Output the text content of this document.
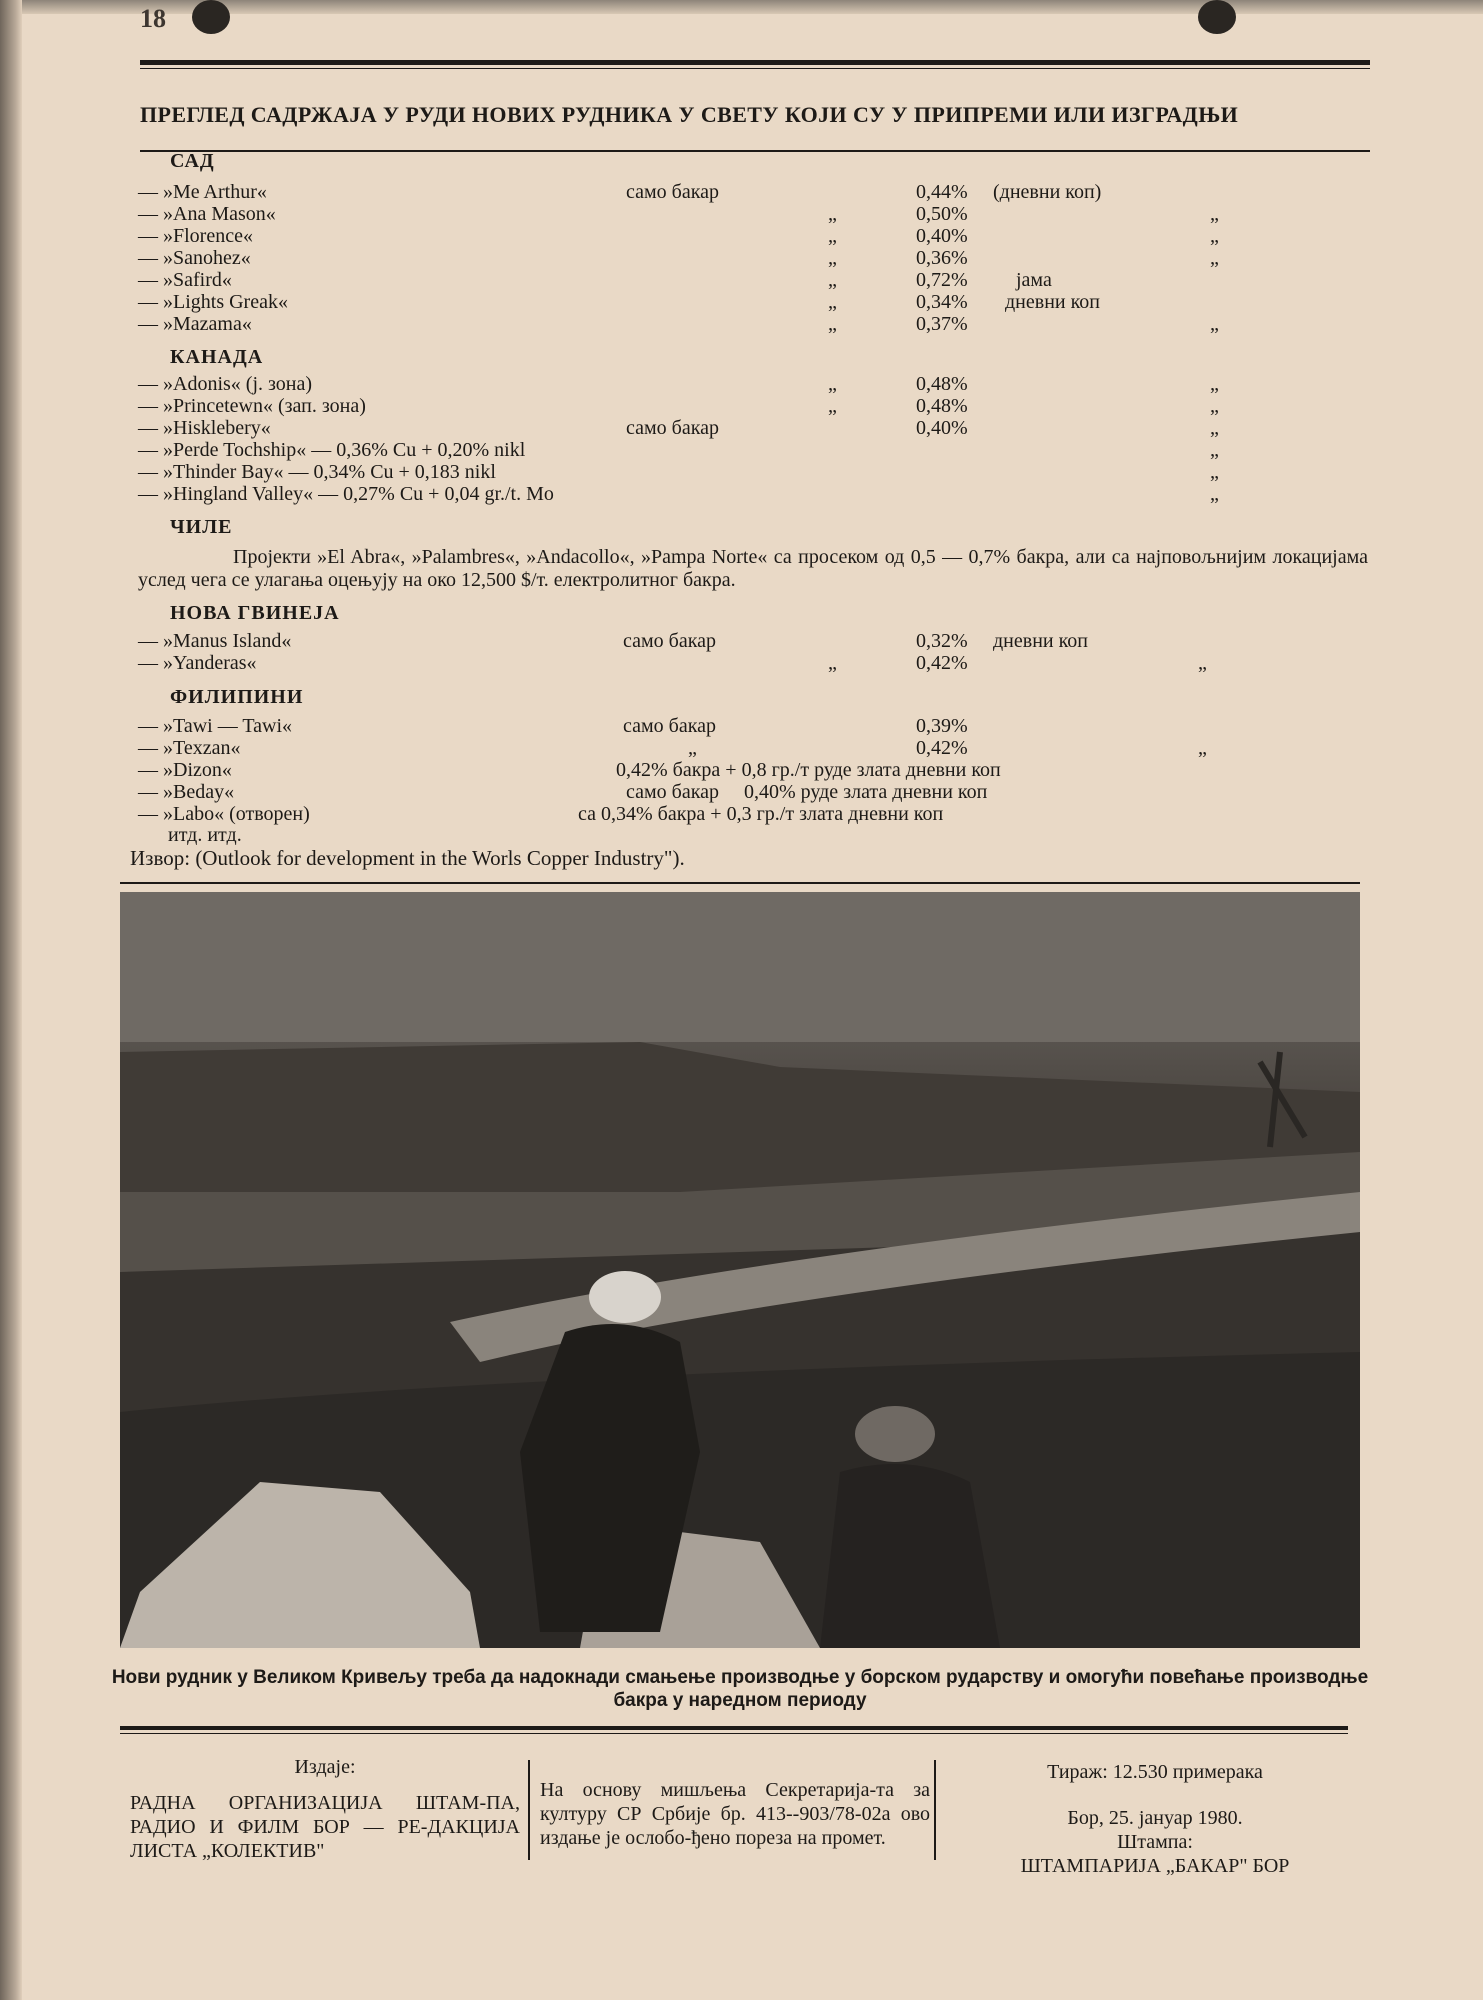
18
ПРЕГЛЕД САДРЖАЈА У РУДИ НОВИХ РУДНИКА У СВЕТУ КОЈИ СУ У ПРИПРЕМИ ИЛИ ИЗГРАДЊИ
САД
— »Me Arthur«	само бакар	0,44% (дневни коп)
— »Ana Mason«	„	0,50%	„
— »Florence«	„	0,40%	„
— »Sanohez«	„	0,36%	„
— »Safird«	„	0,72% јама
— »Lights Greak«	„	0,34% дневни коп
— »Mazama«	„	0,37%	„
КАНАДА
— »Adonis« (j. зона)	„	0,48%	„
— »Princetewn« (зап. зона)	„	0,48%	„
— »Hisklebery«	само бакар	0,40%	„
— »Perde Tochship« — 0,36% Cu + 0,20% nikl	„
— »Thinder Bay« — 0,34% Cu + 0,183 nikl	„
— »Hingland Valley« — 0,27% Cu + 0,04 gr./t. Mo	„
ЧИЛЕ
Пројекти »El Abra«, »Palambres«, »Andacollo«, »Pampa Norte« са просеком од 0,5 — 0,7% бакра, али са најповољнијим локацијама услед чега се улагања оцењују на око 12,500 $/т. електролитног бакра.
НОВА ГВИНЕЈА
— »Manus Island«	само бакар	0,32% дневни коп
— »Yanderas«	„	0,42%	„
ФИЛИПИНИ
— »Tawi — Tawi«	само бакар	0,39%
— »Texzan«	„	0,42%	„
— »Dizon«	0,42% бакра + 0,8 гр./т руде злата дневни коп
— »Beday«	само бакар     0,40% руде злата дневни коп
— »Labo« (отворен)	са 0,34% бакра + 0,3 гр./т злата дневни коп
итд. итд.
Извор: (Outlook for development in the Worls Copper Industry").
Нови рудник у Великом Кривељу треба да надокнади смањење производње у борском рударству и омогући повећање производње бакра у наредном периоду
Издаје:
РАДНА ОРГАНИЗАЦИЈА ШТАМ-ПА, РАДИО И ФИЛМ БОР — РЕ-ДАКЦИЈА ЛИСТА „КОЛЕКТИВ"
На основу мишљења Секретарија-та за културу СР Србије бр. 413--903/78-02а ово издање је ослобо-ђено пореза на промет.
Тираж: 12.530 примерака
Бор, 25. јануар 1980.
Штампа:
ШТАМПАРИЈА „БАКАР" БОР
